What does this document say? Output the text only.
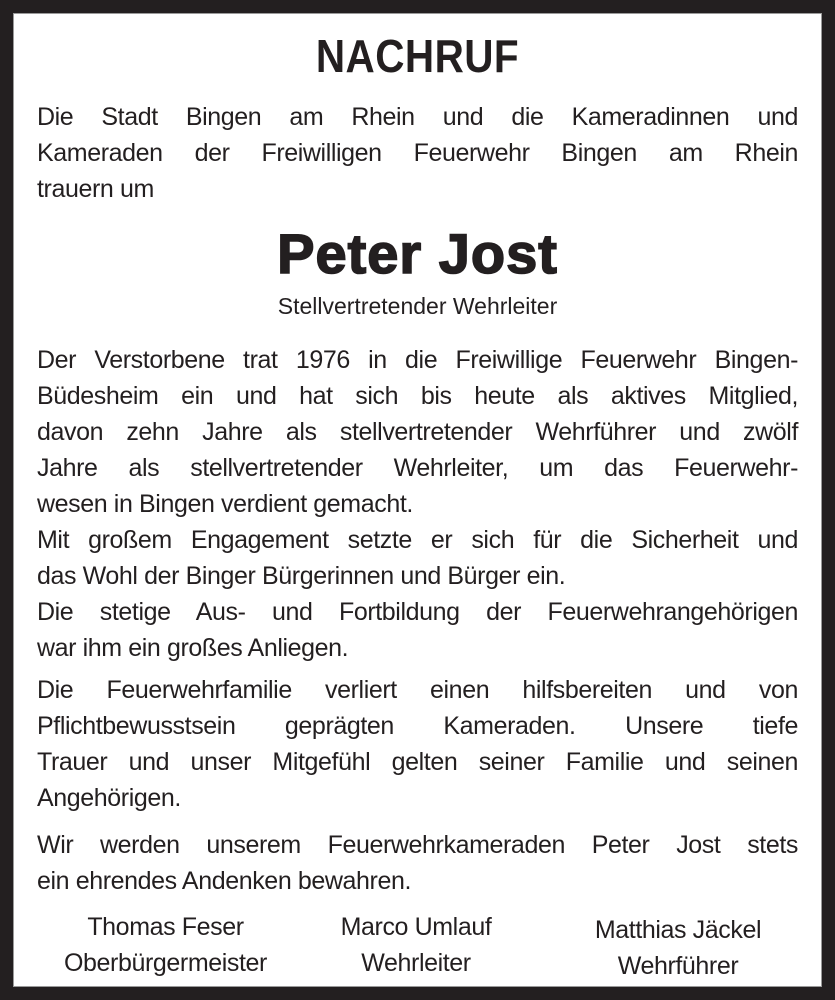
NACHRUF
Die Stadt Bingen am Rhein und die Kameradinnen und
Kameraden der Freiwilligen Feuerwehr Bingen am Rhein
trauern um
Peter Jost
Stellvertretender Wehrleiter
Der Verstorbene trat 1976 in die Freiwillige Feuerwehr Bingen-
Büdesheim ein und hat sich bis heute als aktives Mitglied,
davon zehn Jahre als stellvertretender Wehrführer und zwölf
Jahre als stellvertretender Wehrleiter, um das Feuerwehr-
wesen in Bingen verdient gemacht.
Mit großem Engagement setzte er sich für die Sicherheit und
das Wohl der Binger Bürgerinnen und Bürger ein.
Die stetige Aus- und Fortbildung der Feuerwehrangehörigen
war ihm ein großes Anliegen.
Die Feuerwehrfamilie verliert einen hilfsbereiten und von
Pflichtbewusstsein geprägten Kameraden. Unsere tiefe
Trauer und unser Mitgefühl gelten seiner Familie und seinen
Angehörigen.
Wir werden unserem Feuerwehrkameraden Peter Jost stets
ein ehrendes Andenken bewahren.
Thomas Feser
Oberbürgermeister
Marco Umlauf
Wehrleiter
Matthias Jäckel
Wehrführer
